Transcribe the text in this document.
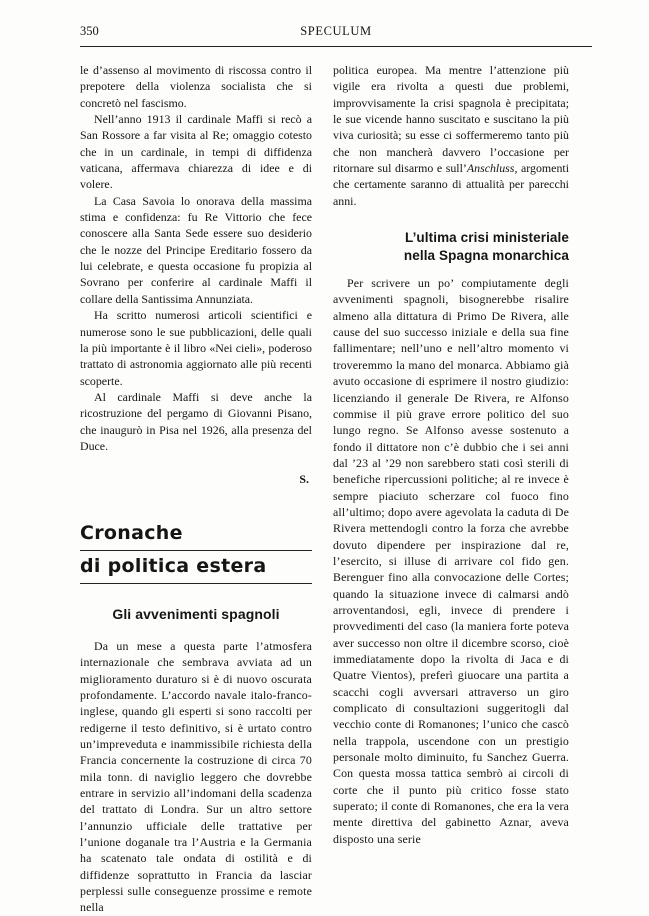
350	SPECULUM

le d’assenso al movimento di riscossa contro il prepotere della violenza socialista che si concretò nel fascismo.

Nell’anno 1913 il cardinale Maffi si recò a San Rossore a far visita al Re; omaggio cotesto che in un cardinale, in tempi di diffidenza vaticana, affermava chiarezza di idee e di volere.

La Casa Savoia lo onorava della massima stima e confidenza: fu Re Vittorio che fece conoscere alla Santa Sede essere suo desiderio che le nozze del Principe Ereditario fossero da lui celebrate, e questa occasione fu propizia al Sovrano per conferire al cardinale Maffi il collare della Santissima Annunziata.

Ha scritto numerosi articoli scientifici e numerose sono le sue pubblicazioni, delle quali la più importante è il libro «Nei cieli», poderoso trattato di astronomia aggiornato alle più recenti scoperte.

Al cardinale Maffi si deve anche la ricostruzione del pergamo di Giovanni Pisano, che inaugurò in Pisa nel 1926, alla presenza del Duce.

S.

Cronache
di politica estera
Gli avvenimenti spagnoli

Da un mese a questa parte l’atmosfera internazionale che sembrava avviata ad un miglioramento duraturo si è di nuovo oscurata profondamente. L’accordo navale italo-franco-inglese, quando gli esperti si sono raccolti per redigerne il testo definitivo, si è urtato contro un’impreveduta e inammissibile richiesta della Francia concernente la costruzione di circa 70 mila tonn. di naviglio leggero che dovrebbe entrare in servizio all’indomani della scadenza del trattato di Londra. Sur un altro settore l’annunzio ufficiale delle trattative per l’unione doganale tra l’Austria e la Germania ha scatenato tale ondata di ostilità e di diffidenze soprattutto in Francia da lasciar perplessi sulle conseguenze prossime e remote nella

politica europea. Ma mentre l’attenzione più vigile era rivolta a questi due problemi, improvvisamente la crisi spagnola è precipitata; le sue vicende hanno suscitato e suscitano la più viva curiosità; su esse ci soffermeremo tanto più che non mancherà davvero l’occasione per ritornare sul disarmo e sull’Anschluss, argomenti che certamente saranno di attualità per parecchi anni.

L’ultima crisi ministeriale
nella Spagna monarchica

Per scrivere un po’ compiutamente degli avvenimenti spagnoli, bisognerebbe risalire almeno alla dittatura di Primo De Rivera, alle cause del suo successo iniziale e della sua fine fallimentare; nell’uno e nell’altro momento vi troveremmo la mano del monarca. Abbiamo già avuto occasione di esprimere il nostro giudizio: licenziando il generale De Rivera, re Alfonso commise il più grave errore politico del suo lungo regno. Se Alfonso avesse sostenuto a fondo il dittatore non c’è dubbio che i sei anni dal ’23 al ’29 non sarebbero stati così sterili di benefiche ripercussioni politiche; al re invece è sempre piaciuto scherzare col fuoco fino all’ultimo; dopo avere agevolata la caduta di De Rivera mettendogli contro la forza che avrebbe dovuto dipendere per inspirazione dal re, l’esercito, si illuse di arrivare col fido gen. Berenguer fino alla convocazione delle Cortes; quando la situazione invece di calmarsi andò arroventandosi, egli, invece di prendere i provvedimenti del caso (la maniera forte poteva aver successo non oltre il dicembre scorso, cioè immediatamente dopo la rivolta di Jaca e di Quatre Vientos), preferì giuocare una partita a scacchi cogli avversari attraverso un giro complicato di consultazioni suggeritogli dal vecchio conte di Romanones; l’unico che cascò nella trappola, uscendone con un prestigio personale molto diminuito, fu Sanchez Guerra. Con questa mossa tattica sembrò ai circoli di corte che il punto più critico fosse stato superato; il conte di Romanones, che era la vera mente direttiva del gabinetto Aznar, aveva disposto una serie
